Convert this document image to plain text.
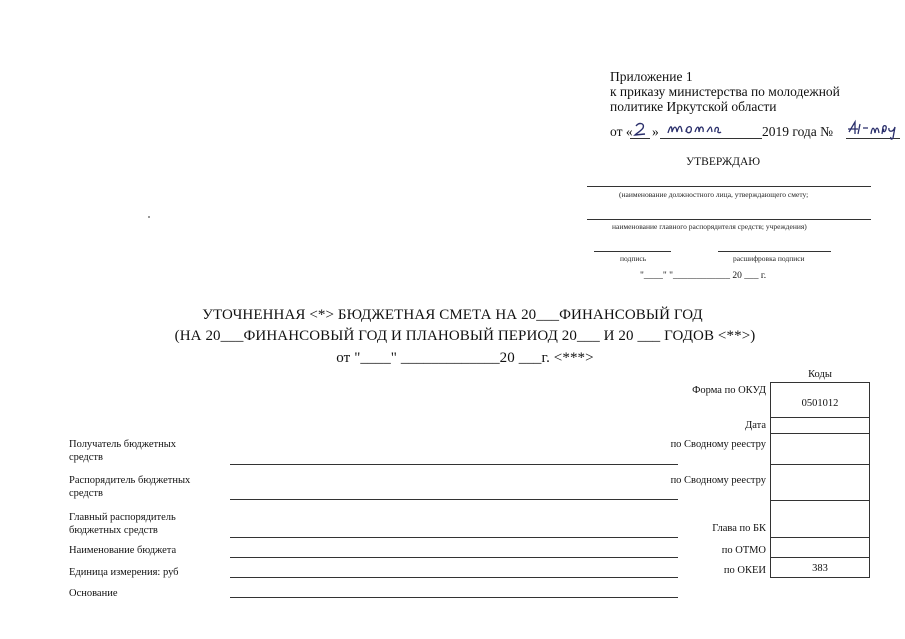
Приложение 1
к приказу министерства по молодежной
политике Иркутской области
от « »	2019 года №
УТВЕРЖДАЮ
(наименование должностного лица, утверждающего смету;
наименование главного распорядителя средств; учреждения)
подпись	расшифровка подписи
"____" "____________ 20 ___ г.
УТОЧНЕННАЯ <*> БЮДЖЕТНАЯ СМЕТА НА 20___ФИНАНСОВЫЙ ГОД
(НА 20___ФИНАНСОВЫЙ ГОД И ПЛАНОВЫЙ ПЕРИОД 20___ И 20 ___ ГОДОВ <**>)
от "____" _____________20 ___г. <***>
Коды
0501012
383
Форма по ОКУД
Дата
по Сводному реестру
по Сводному реестру
Глава по БК
по ОТМО
по ОКЕИ
Получатель бюджетных средств
Распорядитель бюджетных средств
Главный распорядитель бюджетных средств
Наименование бюджета
Единица измерения: руб
Основание
